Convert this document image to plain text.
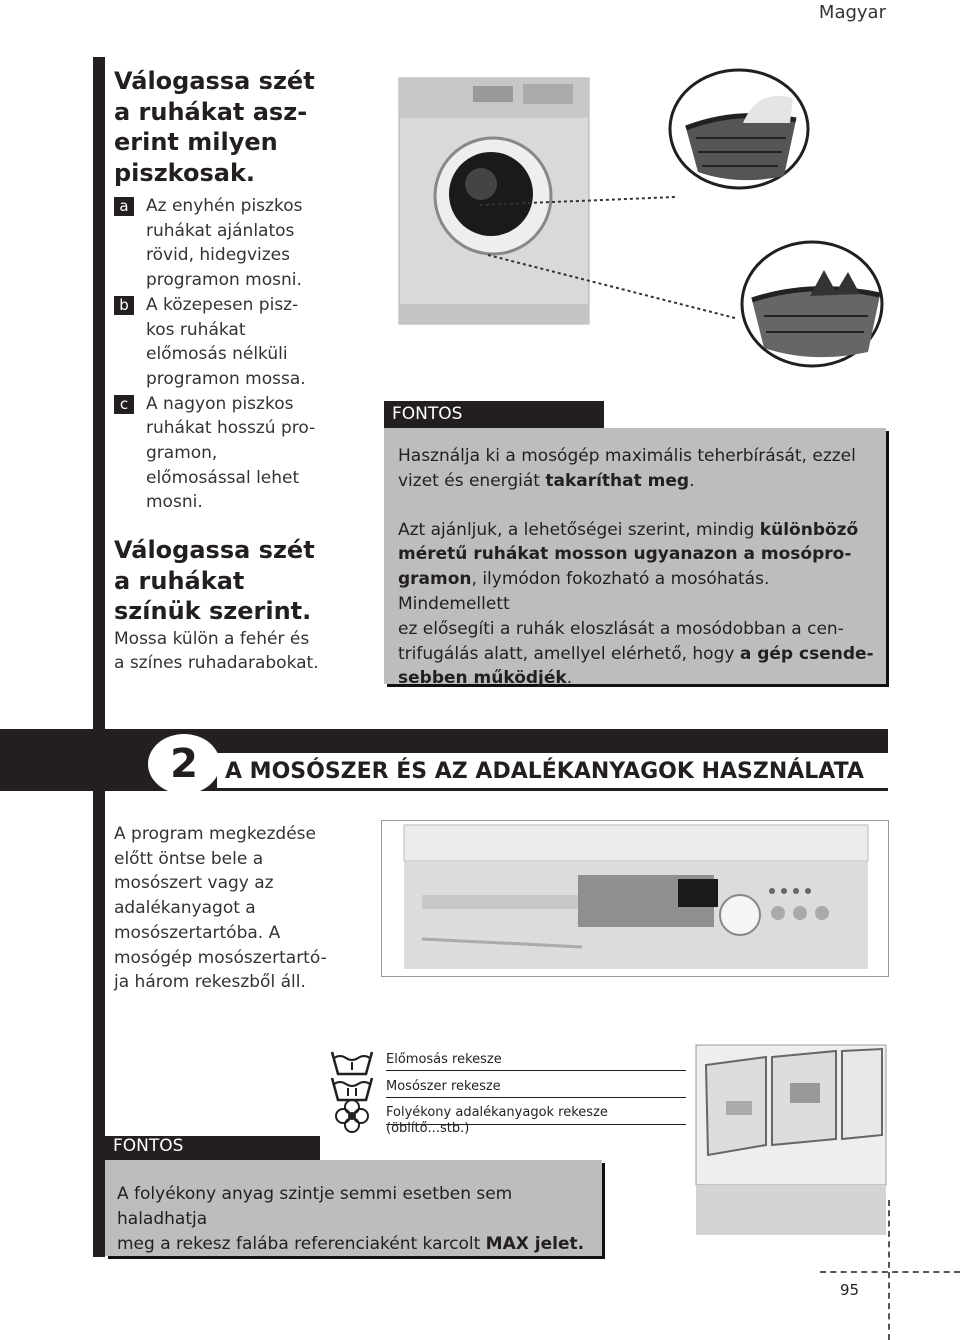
Magyar
Válogassa szét
a ruhákat asz-
erint milyen
piszkosak.
a	Az enyhén piszkos
ruhákat ajánlatos
rövid, hidegvizes
programon mosni.
b	A közepesen pisz-
kos ruhákat
előmosás nélküli
programon mossa.
c	A nagyon piszkos
ruhákat hosszú pro-
gramon,
előmosással lehet
mosni.
Válogassa szét
a ruhákat
színük szerint.
Mossa külön a fehér és
a színes ruhadarabokat.
FONTOS
Használja ki a mosógép maximális teherbírását, ezzel
vizet és energiát takaríthat meg.
Azt ajánljuk, a lehetőségei szerint, mindig különböző
méretű ruhákat mosson ugyanazon a mosópro-
gramon, ilymódon fokozható a mosóhatás. Mindemellett
ez elősegíti a ruhák eloszlását a mosódobban a cen-
trifugálás alatt, amellyel elérhető, hogy a gép csende-
sebben működjék.
2	A MOSÓSZER ÉS AZ ADALÉKANYAGOK HASZNÁLATA
A program megkezdése
előtt öntse bele a
mosószert vagy az
adalékanyagot a
mosószertartóba. A
mosógép mosószertartó-
ja három rekeszből áll.
Előmosás rekesze
Mosószer rekesze
Folyékony adalékanyagok rekesze (öblítő...stb.)
FONTOS
A folyékony anyag szintje semmi esetben sem haladhatja
meg a rekesz falába referenciaként karcolt MAX jelet.
95
